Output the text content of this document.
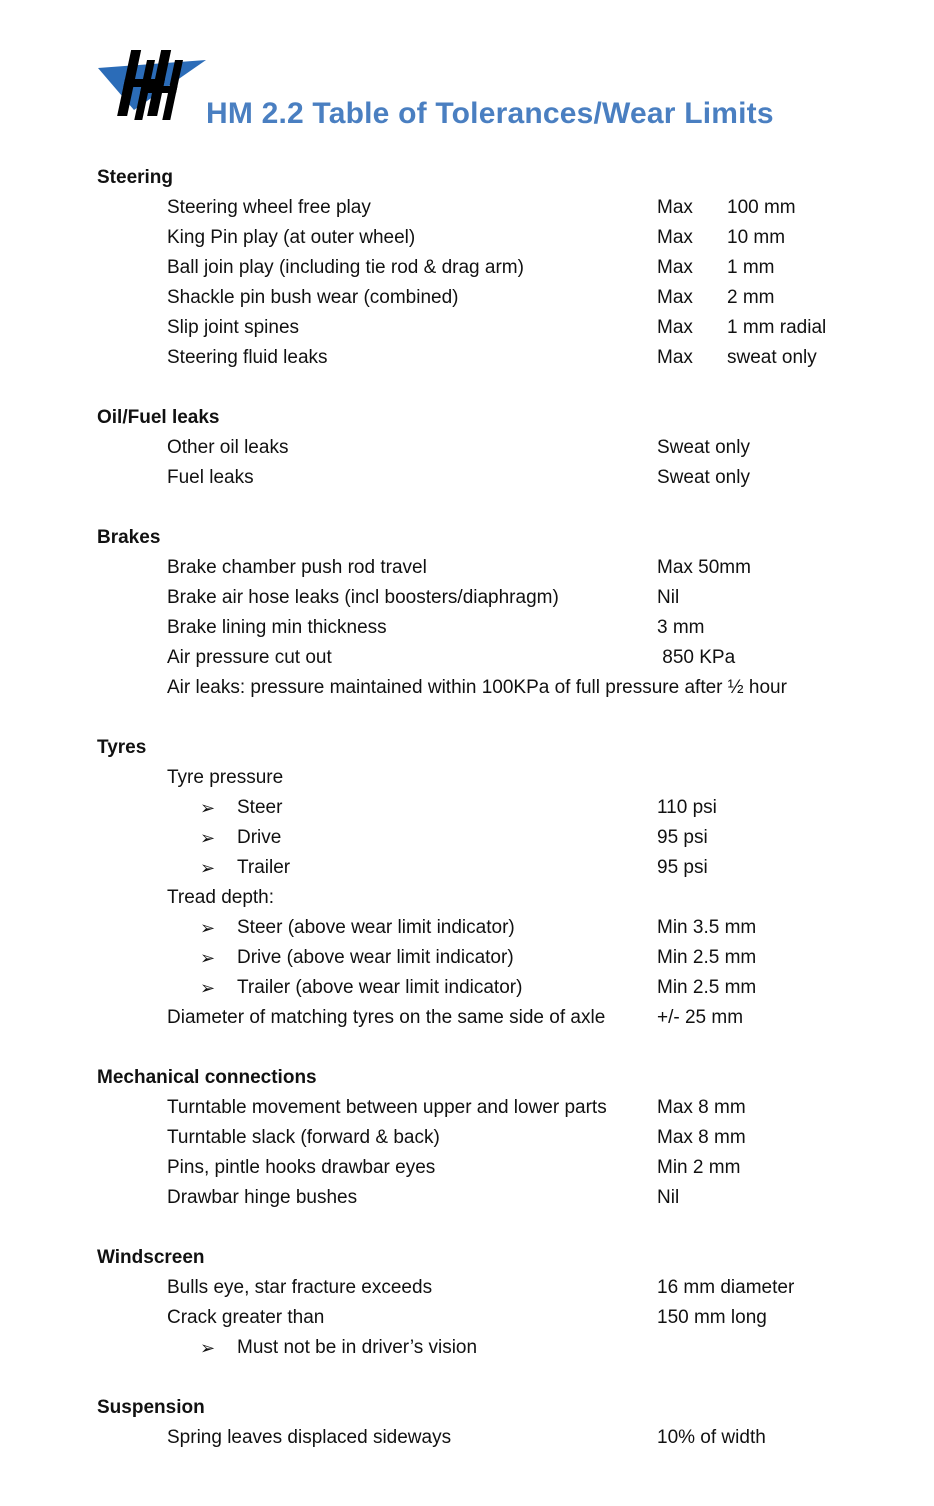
HM 2.2 Table of Tolerances/Wear Limits
Steering
Steering wheel free play	Max 100 mm
King Pin play (at outer wheel)	Max 10 mm
Ball join play (including tie rod & drag arm)	Max 1 mm
Shackle pin bush wear (combined)	Max 2 mm
Slip joint spines	Max 1 mm radial
Steering fluid leaks	Max sweat only
Oil/Fuel leaks
Other oil leaks	Sweat only
Fuel leaks	Sweat only
Brakes
Brake chamber push rod travel	Max 50mm
Brake air hose leaks (incl boosters/diaphragm)	Nil
Brake lining min thickness	3 mm
Air pressure cut out	850 KPa
Air leaks: pressure maintained within 100KPa of full pressure after ½ hour
Tyres
Tyre pressure
➢ Steer	110 psi
➢ Drive	95 psi
➢ Trailer	95 psi
Tread depth:
➢ Steer (above wear limit indicator)	Min 3.5 mm
➢ Drive (above wear limit indicator)	Min 2.5 mm
➢ Trailer (above wear limit indicator)	Min 2.5 mm
Diameter of matching tyres on the same side of axle	+/- 25 mm
Mechanical connections
Turntable movement between upper and lower parts	Max 8 mm
Turntable slack (forward & back)	Max 8 mm
Pins, pintle hooks drawbar eyes	Min 2 mm
Drawbar hinge bushes	Nil
Windscreen
Bulls eye, star fracture exceeds	16 mm diameter
Crack greater than	150 mm long
➢ Must not be in driver’s vision
Suspension
Spring leaves displaced sideways	10% of width
